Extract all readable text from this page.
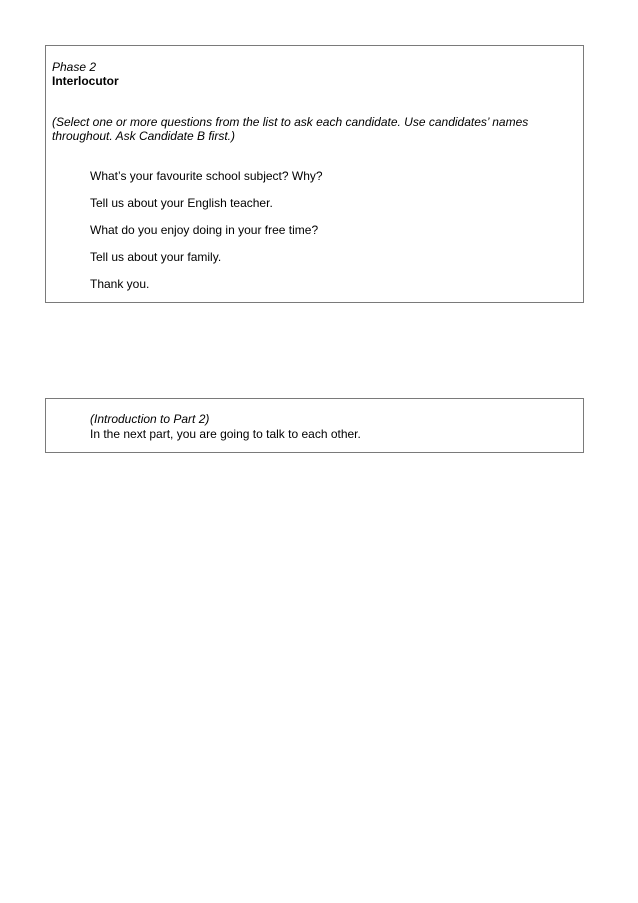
Phase 2
Interlocutor
(Select one or more questions from the list to ask each candidate. Use candidates’ names throughout. Ask Candidate B first.)
What’s your favourite school subject? Why?
Tell us about your English teacher.
What do you enjoy doing in your free time?
Tell us about your family.
Thank you.
(Introduction to Part 2)
In the next part, you are going to talk to each other.
